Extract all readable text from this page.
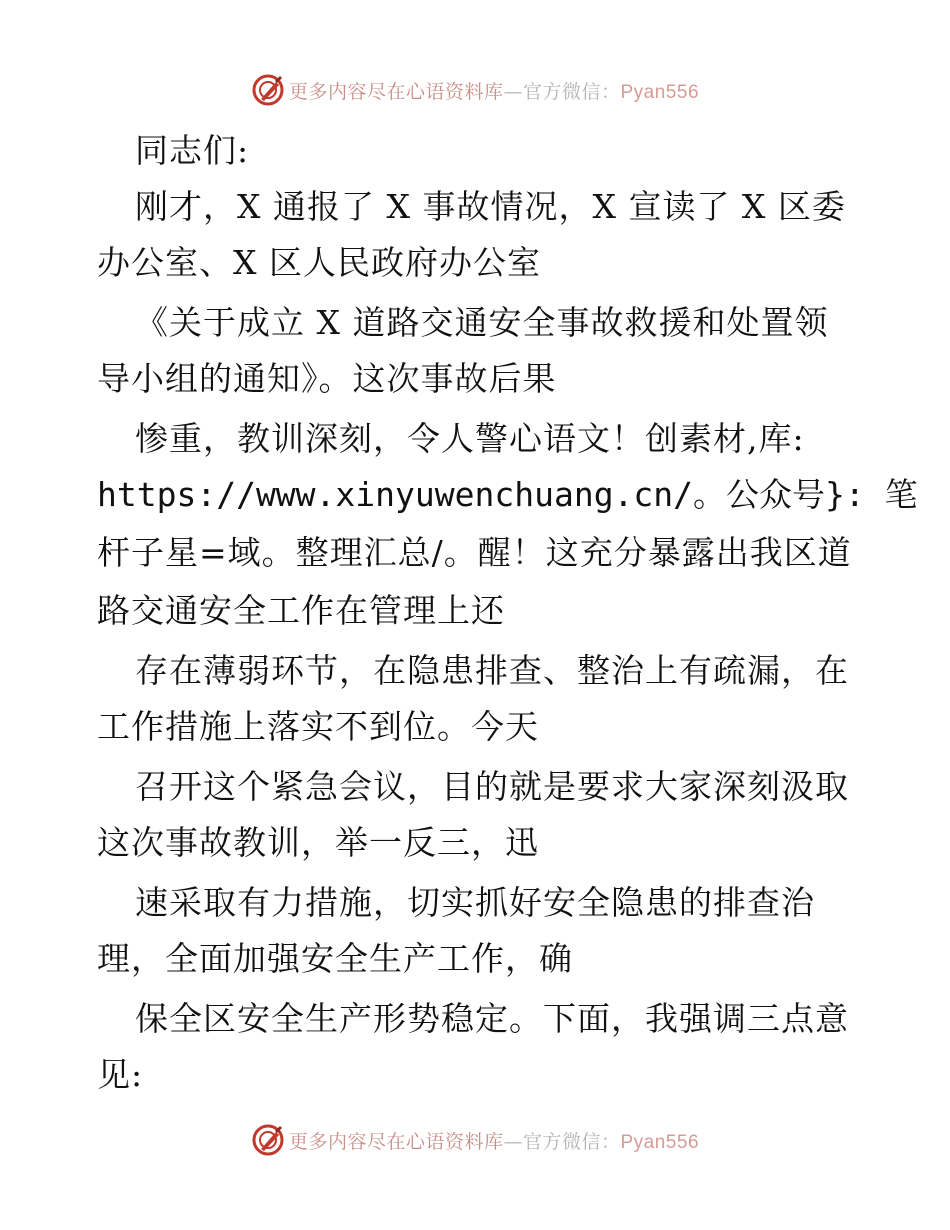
更多内容尽在心语资料库—官方微信：Pyan556
同志们:
刚才，X 通报了 X 事故情况，X 宣读了 X 区委
办公室、X 区人民政府办公室
《关于成立 X 道路交通安全事故救援和处置领
导小组的通知》。这次事故后果
惨重，教训深刻，令人警心语文！创素材,库:
https://www.xinyuwenchuang.cn/。公众号}: 笔
杆子星=域。整理汇总/。醒！这充分暴露出我区道
路交通安全工作在管理上还
存在薄弱环节，在隐患排查、整治上有疏漏，在
工作措施上落实不到位。今天
召开这个紧急会议，目的就是要求大家深刻汲取
这次事故教训，举一反三，迅
速采取有力措施，切实抓好安全隐患的排查治
理，全面加强安全生产工作，确
保全区安全生产形势稳定。下面，我强调三点意
见:
更多内容尽在心语资料库—官方微信：Pyan556
